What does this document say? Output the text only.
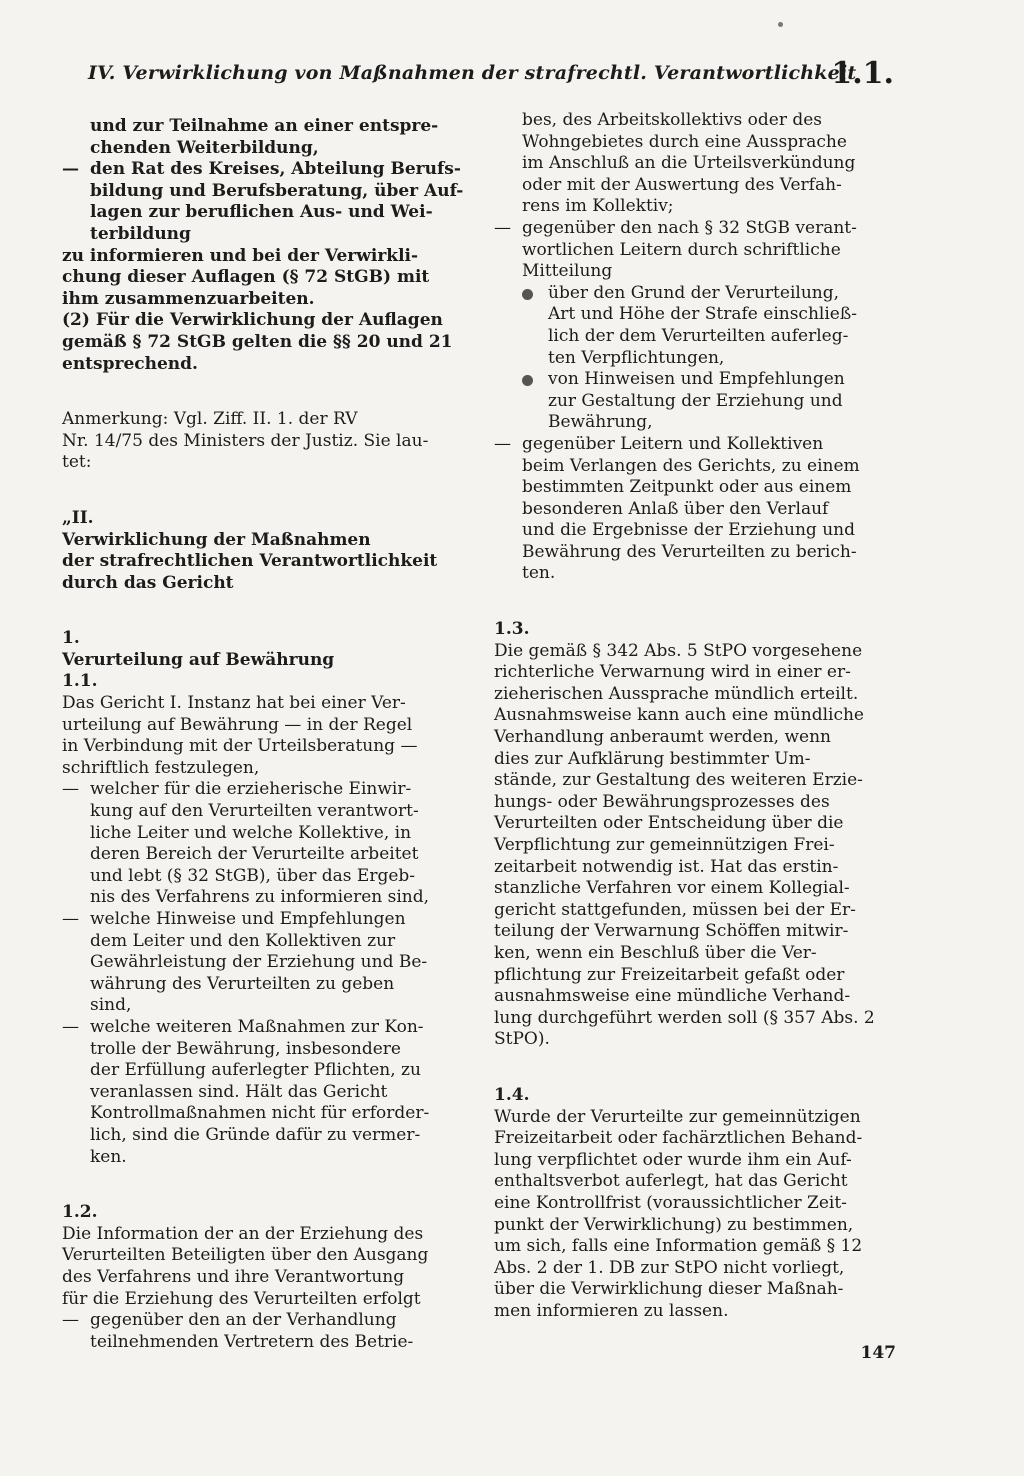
IV. Verwirklichung von Maßnahmen der strafrechtl. Verantwortlichkeit
1.1.
und zur Teilnahme an einer entspre-
chenden Weiterbildung,
— den Rat des Kreises, Abteilung Berufs-
bildung und Berufsberatung, über Auf-
lagen zur beruflichen Aus- und Wei-
terbildung
zu informieren und bei der Verwirkli-
chung dieser Auflagen (§ 72 StGB) mit
ihm zusammenzuarbeiten.
(2) Für die Verwirklichung der Auflagen
gemäß § 72 StGB gelten die §§ 20 und 21
entsprechend.
Anmerkung: Vgl. Ziff. II. 1. der RV
Nr. 14/75 des Ministers der Justiz. Sie lau-
tet:
„II.
Verwirklichung der Maßnahmen
der strafrechtlichen Verantwortlichkeit
durch das Gericht
1.
Verurteilung auf Bewährung
1.1.
Das Gericht I. Instanz hat bei einer Ver-
urteilung auf Bewährung — in der Regel
in Verbindung mit der Urteilsberatung —
schriftlich festzulegen,
— welcher für die erzieherische Einwir-
kung auf den Verurteilten verantwort-
liche Leiter und welche Kollektive, in
deren Bereich der Verurteilte arbeitet
und lebt (§ 32 StGB), über das Ergeb-
nis des Verfahrens zu informieren sind,
— welche Hinweise und Empfehlungen
dem Leiter und den Kollektiven zur
Gewährleistung der Erziehung und Be-
währung des Verurteilten zu geben
sind,
— welche weiteren Maßnahmen zur Kon-
trolle der Bewährung, insbesondere
der Erfüllung auferlegter Pflichten, zu
veranlassen sind. Hält das Gericht
Kontrollmaßnahmen nicht für erforder-
lich, sind die Gründe dafür zu vermer-
ken.
1.2.
Die Information der an der Erziehung des
Verurteilten Beteiligten über den Ausgang
des Verfahrens und ihre Verantwortung
für die Erziehung des Verurteilten erfolgt
— gegenüber den an der Verhandlung
teilnehmenden Vertretern des Betrie-
bes, des Arbeitskollektivs oder des
Wohngebietes durch eine Aussprache
im Anschluß an die Urteilsverkündung
oder mit der Auswertung des Verfah-
rens im Kollektiv;
— gegenüber den nach § 32 StGB verant-
wortlichen Leitern durch schriftliche
Mitteilung
über den Grund der Verurteilung,
Art und Höhe der Strafe einschließ-
lich der dem Verurteilten auferleg-
ten Verpflichtungen,
von Hinweisen und Empfehlungen
zur Gestaltung der Erziehung und
Bewährung,
— gegenüber Leitern und Kollektiven
beim Verlangen des Gerichts, zu einem
bestimmten Zeitpunkt oder aus einem
besonderen Anlaß über den Verlauf
und die Ergebnisse der Erziehung und
Bewährung des Verurteilten zu berich-
ten.
1.3.
Die gemäß § 342 Abs. 5 StPO vorgesehene
richterliche Verwarnung wird in einer er-
zieherischen Aussprache mündlich erteilt.
Ausnahmsweise kann auch eine mündliche
Verhandlung anberaumt werden, wenn
dies zur Aufklärung bestimmter Um-
stände, zur Gestaltung des weiteren Erzie-
hungs- oder Bewährungsprozesses des
Verurteilten oder Entscheidung über die
Verpflichtung zur gemeinnützigen Frei-
zeitarbeit notwendig ist. Hat das erstin-
stanzliche Verfahren vor einem Kollegial-
gericht stattgefunden, müssen bei der Er-
teilung der Verwarnung Schöffen mitwir-
ken, wenn ein Beschluß über die Ver-
pflichtung zur Freizeitarbeit gefaßt oder
ausnahmsweise eine mündliche Verhand-
lung durchgeführt werden soll (§ 357 Abs. 2
StPO).
1.4.
Wurde der Verurteilte zur gemeinnützigen
Freizeitarbeit oder fachärztlichen Behand-
lung verpflichtet oder wurde ihm ein Auf-
enthaltsverbot auferlegt, hat das Gericht
eine Kontrollfrist (voraussichtlicher Zeit-
punkt der Verwirklichung) zu bestimmen,
um sich, falls eine Information gemäß § 12
Abs. 2 der 1. DB zur StPO nicht vorliegt,
über die Verwirklichung dieser Maßnah-
men informieren zu lassen.
147
